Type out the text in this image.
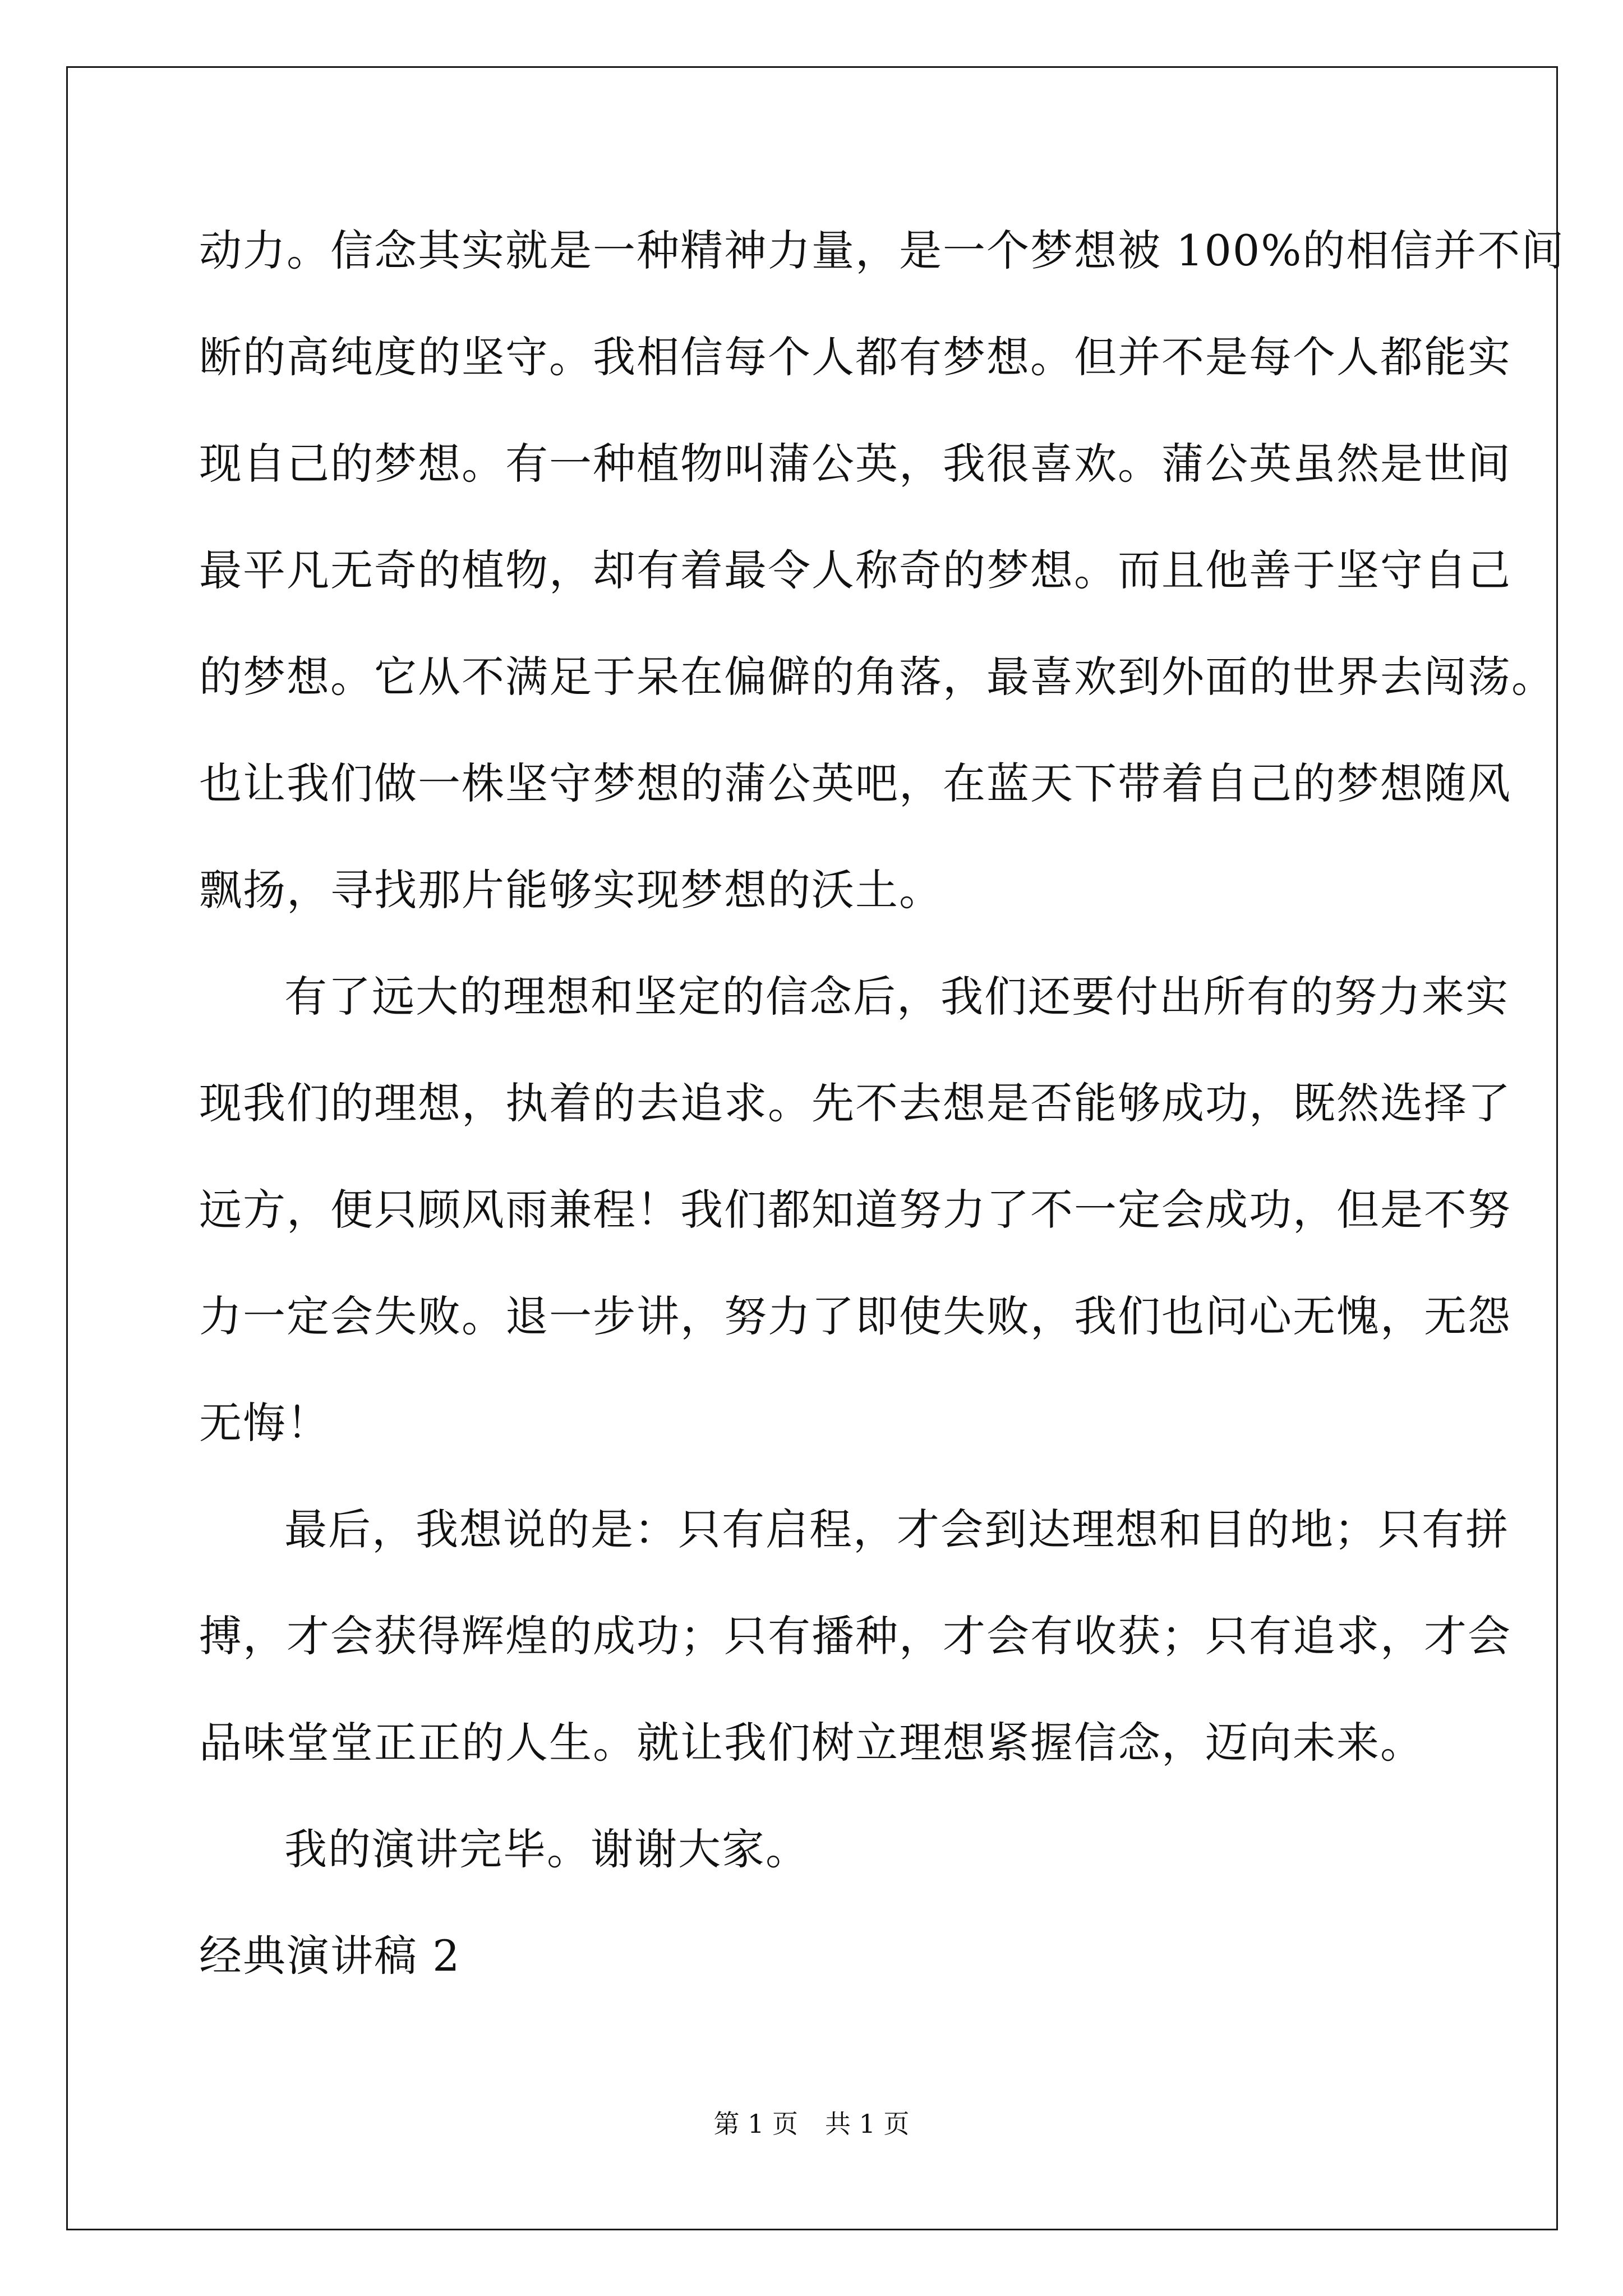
动力。信念其实就是一种精神力量，是一个梦想被 100%的相信并不间
断的高纯度的坚守。我相信每个人都有梦想。但并不是每个人都能实
现自己的梦想。有一种植物叫蒲公英，我很喜欢。蒲公英虽然是世间
最平凡无奇的植物，却有着最令人称奇的梦想。而且他善于坚守自己
的梦想。它从不满足于呆在偏僻的角落，最喜欢到外面的世界去闯荡。
也让我们做一株坚守梦想的蒲公英吧，在蓝天下带着自己的梦想随风
飘扬，寻找那片能够实现梦想的沃土。
有了远大的理想和坚定的信念后，我们还要付出所有的努力来实
现我们的理想，执着的去追求。先不去想是否能够成功，既然选择了
远方，便只顾风雨兼程！我们都知道努力了不一定会成功，但是不努
力一定会失败。退一步讲，努力了即使失败，我们也问心无愧，无怨
无悔！
最后，我想说的是：只有启程，才会到达理想和目的地；只有拼
搏，才会获得辉煌的成功；只有播种，才会有收获；只有追求，才会
品味堂堂正正的人生。就让我们树立理想紧握信念，迈向未来。
我的演讲完毕。谢谢大家。
经典演讲稿 2
第 1 页 共 1 页
